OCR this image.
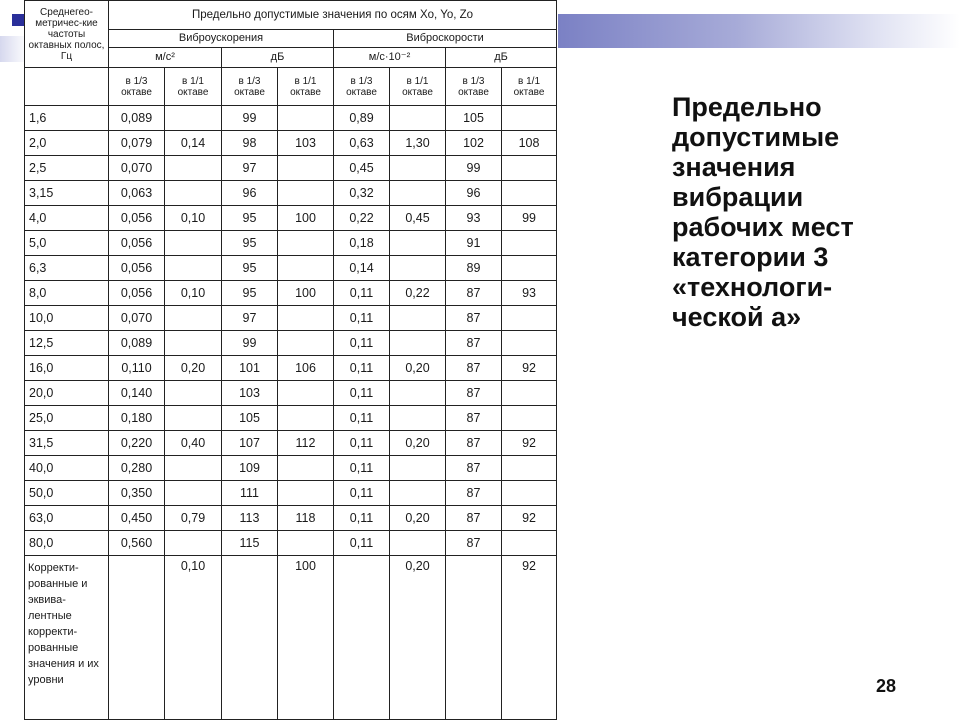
Среднегео-метричес-кие частоты октавных полос, Гц	Предельно допустимые значения по осям Xo, Yo, Zo							
	Виброускорения				Виброскорости			
	м/с²		дБ		м/с·10⁻²		дБ	
	в 1/3 октаве	в 1/1 октаве	в 1/3 октаве	в 1/1 октаве	в 1/3 октаве	в 1/1 октаве	в 1/3 октаве	в 1/1 октаве
1,6	0,089		99		0,89		105	
2,0	0,079	0,14	98	103	0,63	1,30	102	108
2,5	0,070		97		0,45		99	
3,15	0,063		96		0,32		96	
4,0	0,056	0,10	95	100	0,22	0,45	93	99
5,0	0,056		95		0,18		91	
6,3	0,056		95		0,14		89	
8,0	0,056	0,10	95	100	0,11	0,22	87	93
10,0	0,070		97		0,11		87	
12,5	0,089		99		0,11		87	
16,0	0,110	0,20	101	106	0,11	0,20	87	92
20,0	0,140		103		0,11		87	
25,0	0,180		105		0,11		87	
31,5	0,220	0,40	107	112	0,11	0,20	87	92
40,0	0,280		109		0,11		87	
50,0	0,350		111		0,11		87	
63,0	0,450	0,79	113	118	0,11	0,20	87	92
80,0	0,560		115		0,11		87	
Корректи-рованные и эквива-лентные корректи-рованные значения и их уровни		0,10		100		0,20		92
Предельно
допустимые
значения
вибрации
рабочих мест
категории 3
«технологи-
ческой а»
28
